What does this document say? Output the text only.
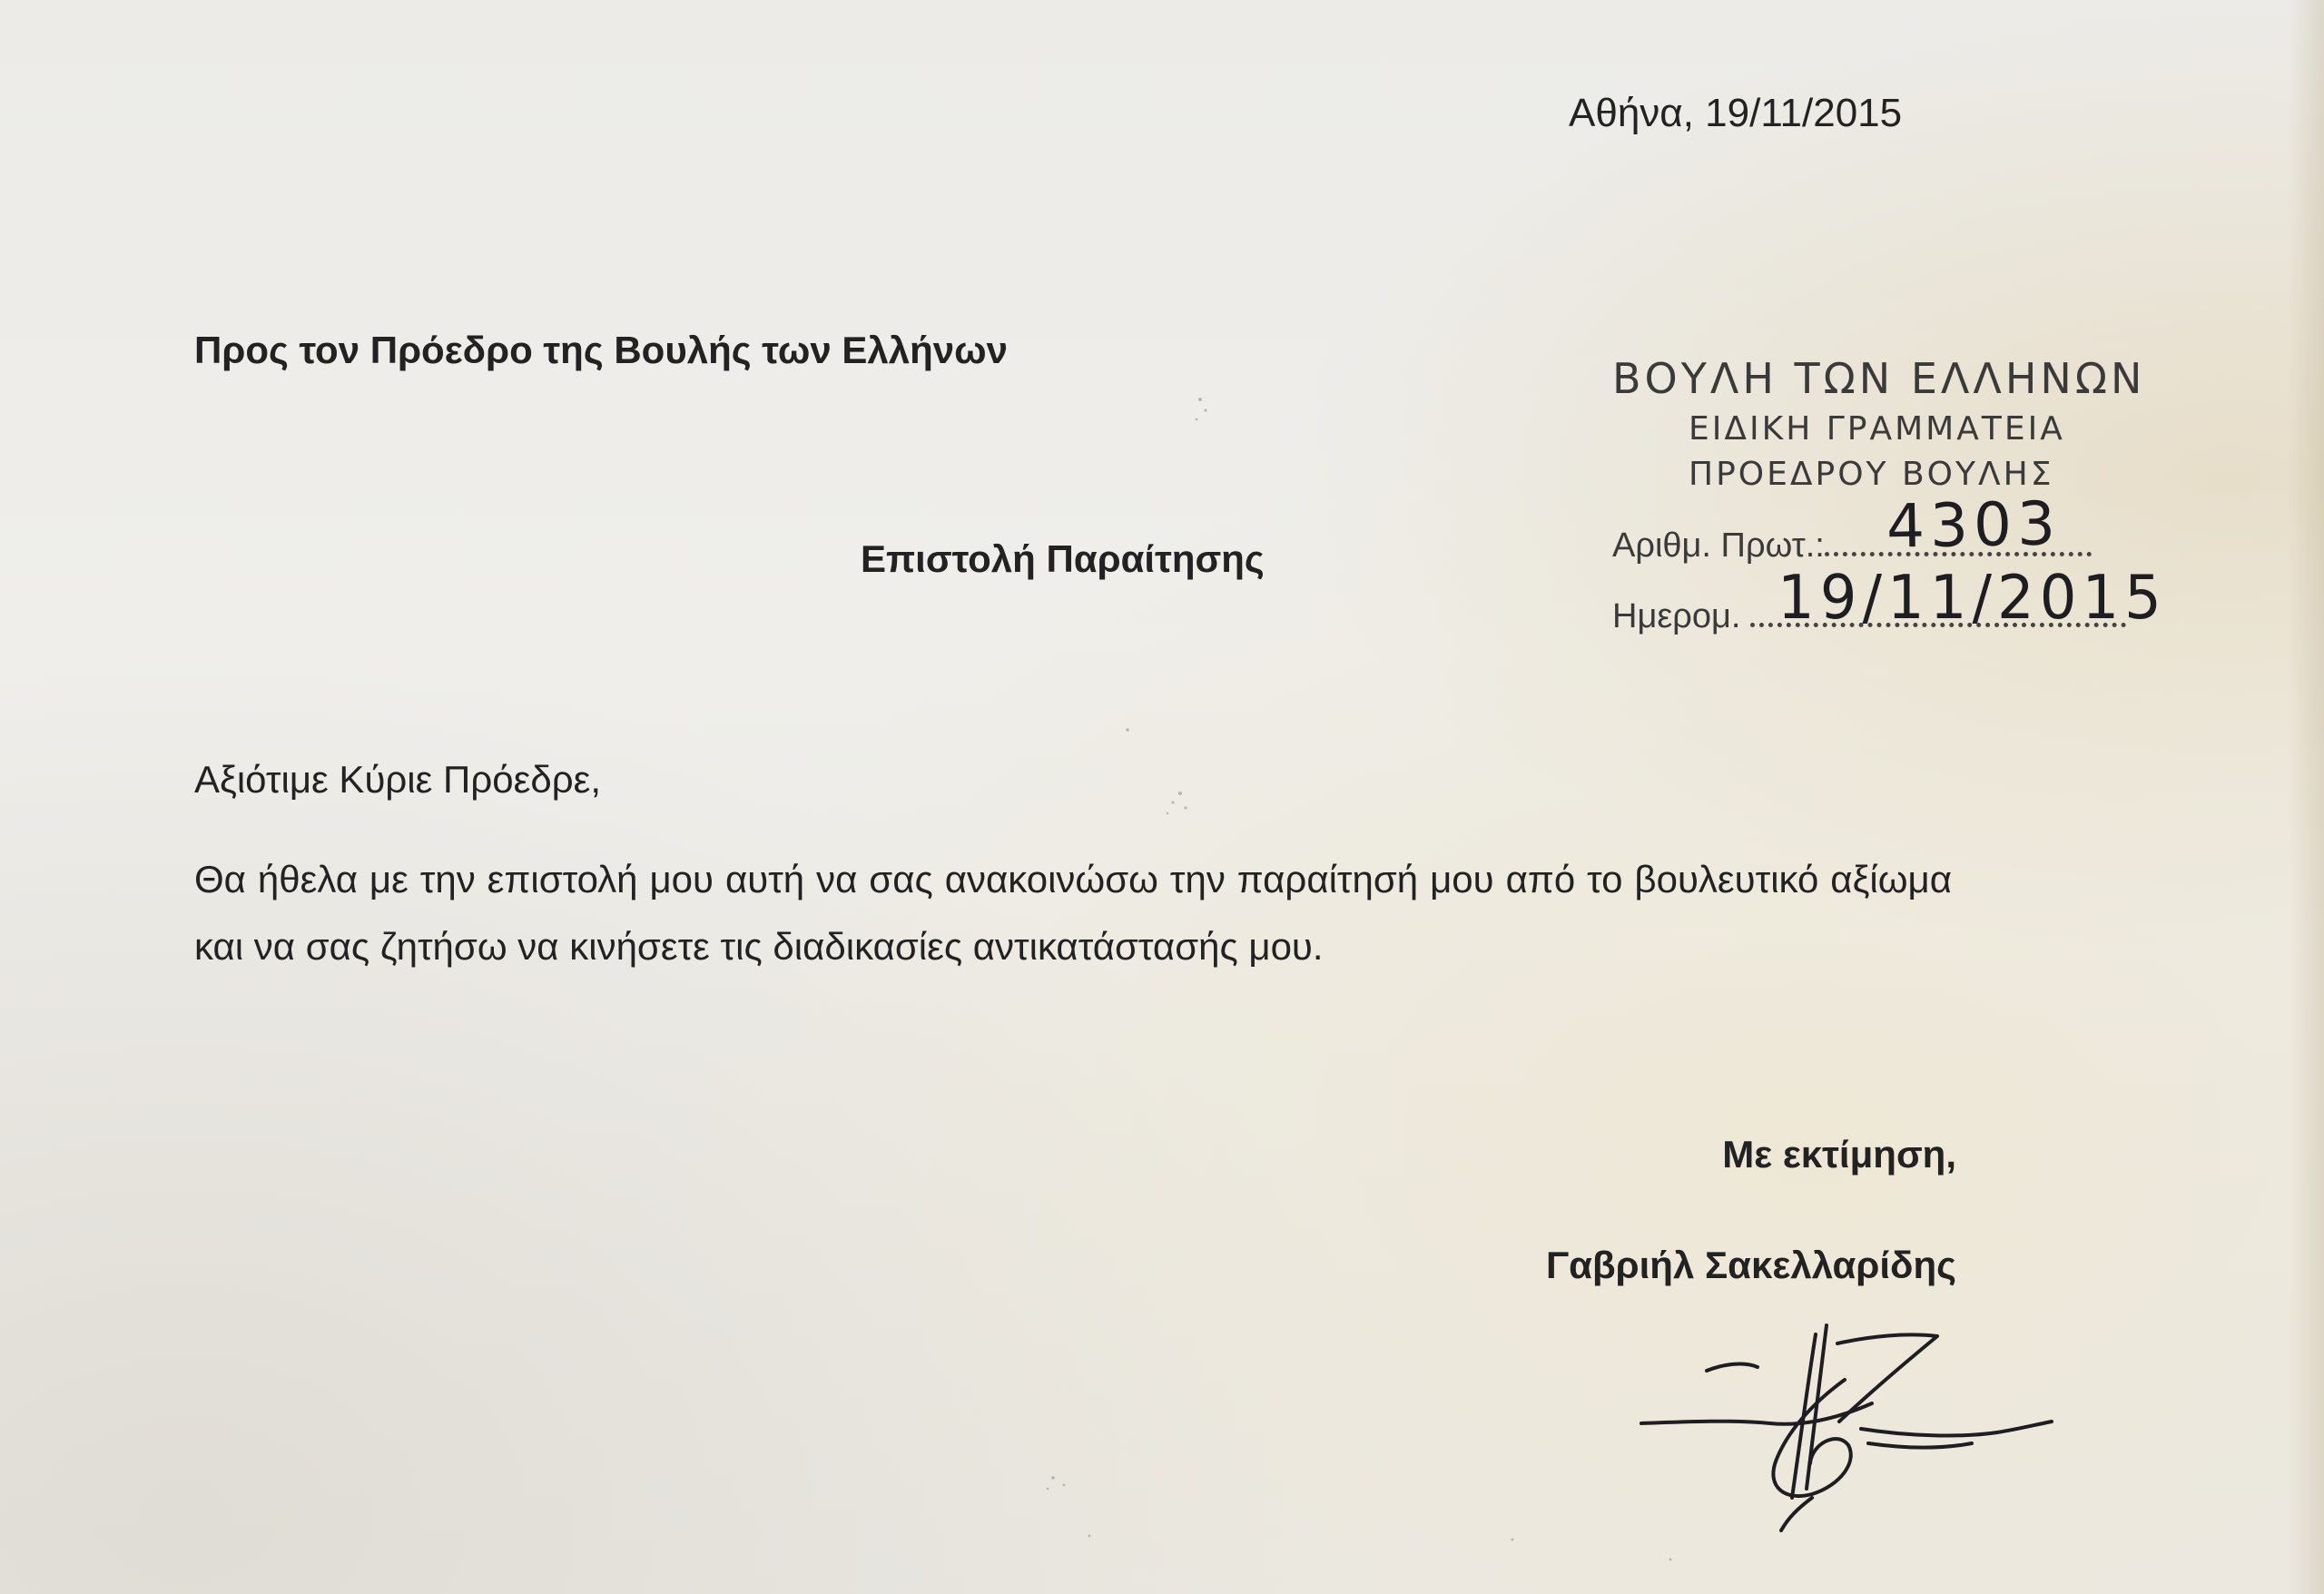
Αθήνα, 19/11/2015
Προς τον Πρόεδρο της Βουλής των Ελλήνων
Επιστολή Παραίτησης
Αξιότιμε Κύριε Πρόεδρε,
Θα ήθελα με την επιστολή μου αυτή να σας ανακοινώσω την παραίτησή μου από το βουλευτικό αξίωμα και να σας ζητήσω να κινήσετε τις διαδικασίες αντικατάστασής μου.
Με εκτίμηση,
Γαβριήλ Σακελλαρίδης
ΒΟΥΛΗ ΤΩΝ ΕΛΛΗΝΩΝ
ΕΙΔΙΚΗ ΓΡΑΜΜΑΤΕΙΑ
ΠΡΟΕΔΡΟΥ ΒΟΥΛΗΣ
Αριθμ. Πρωτ.:	4303
Ημερομ. 19/11/2015
